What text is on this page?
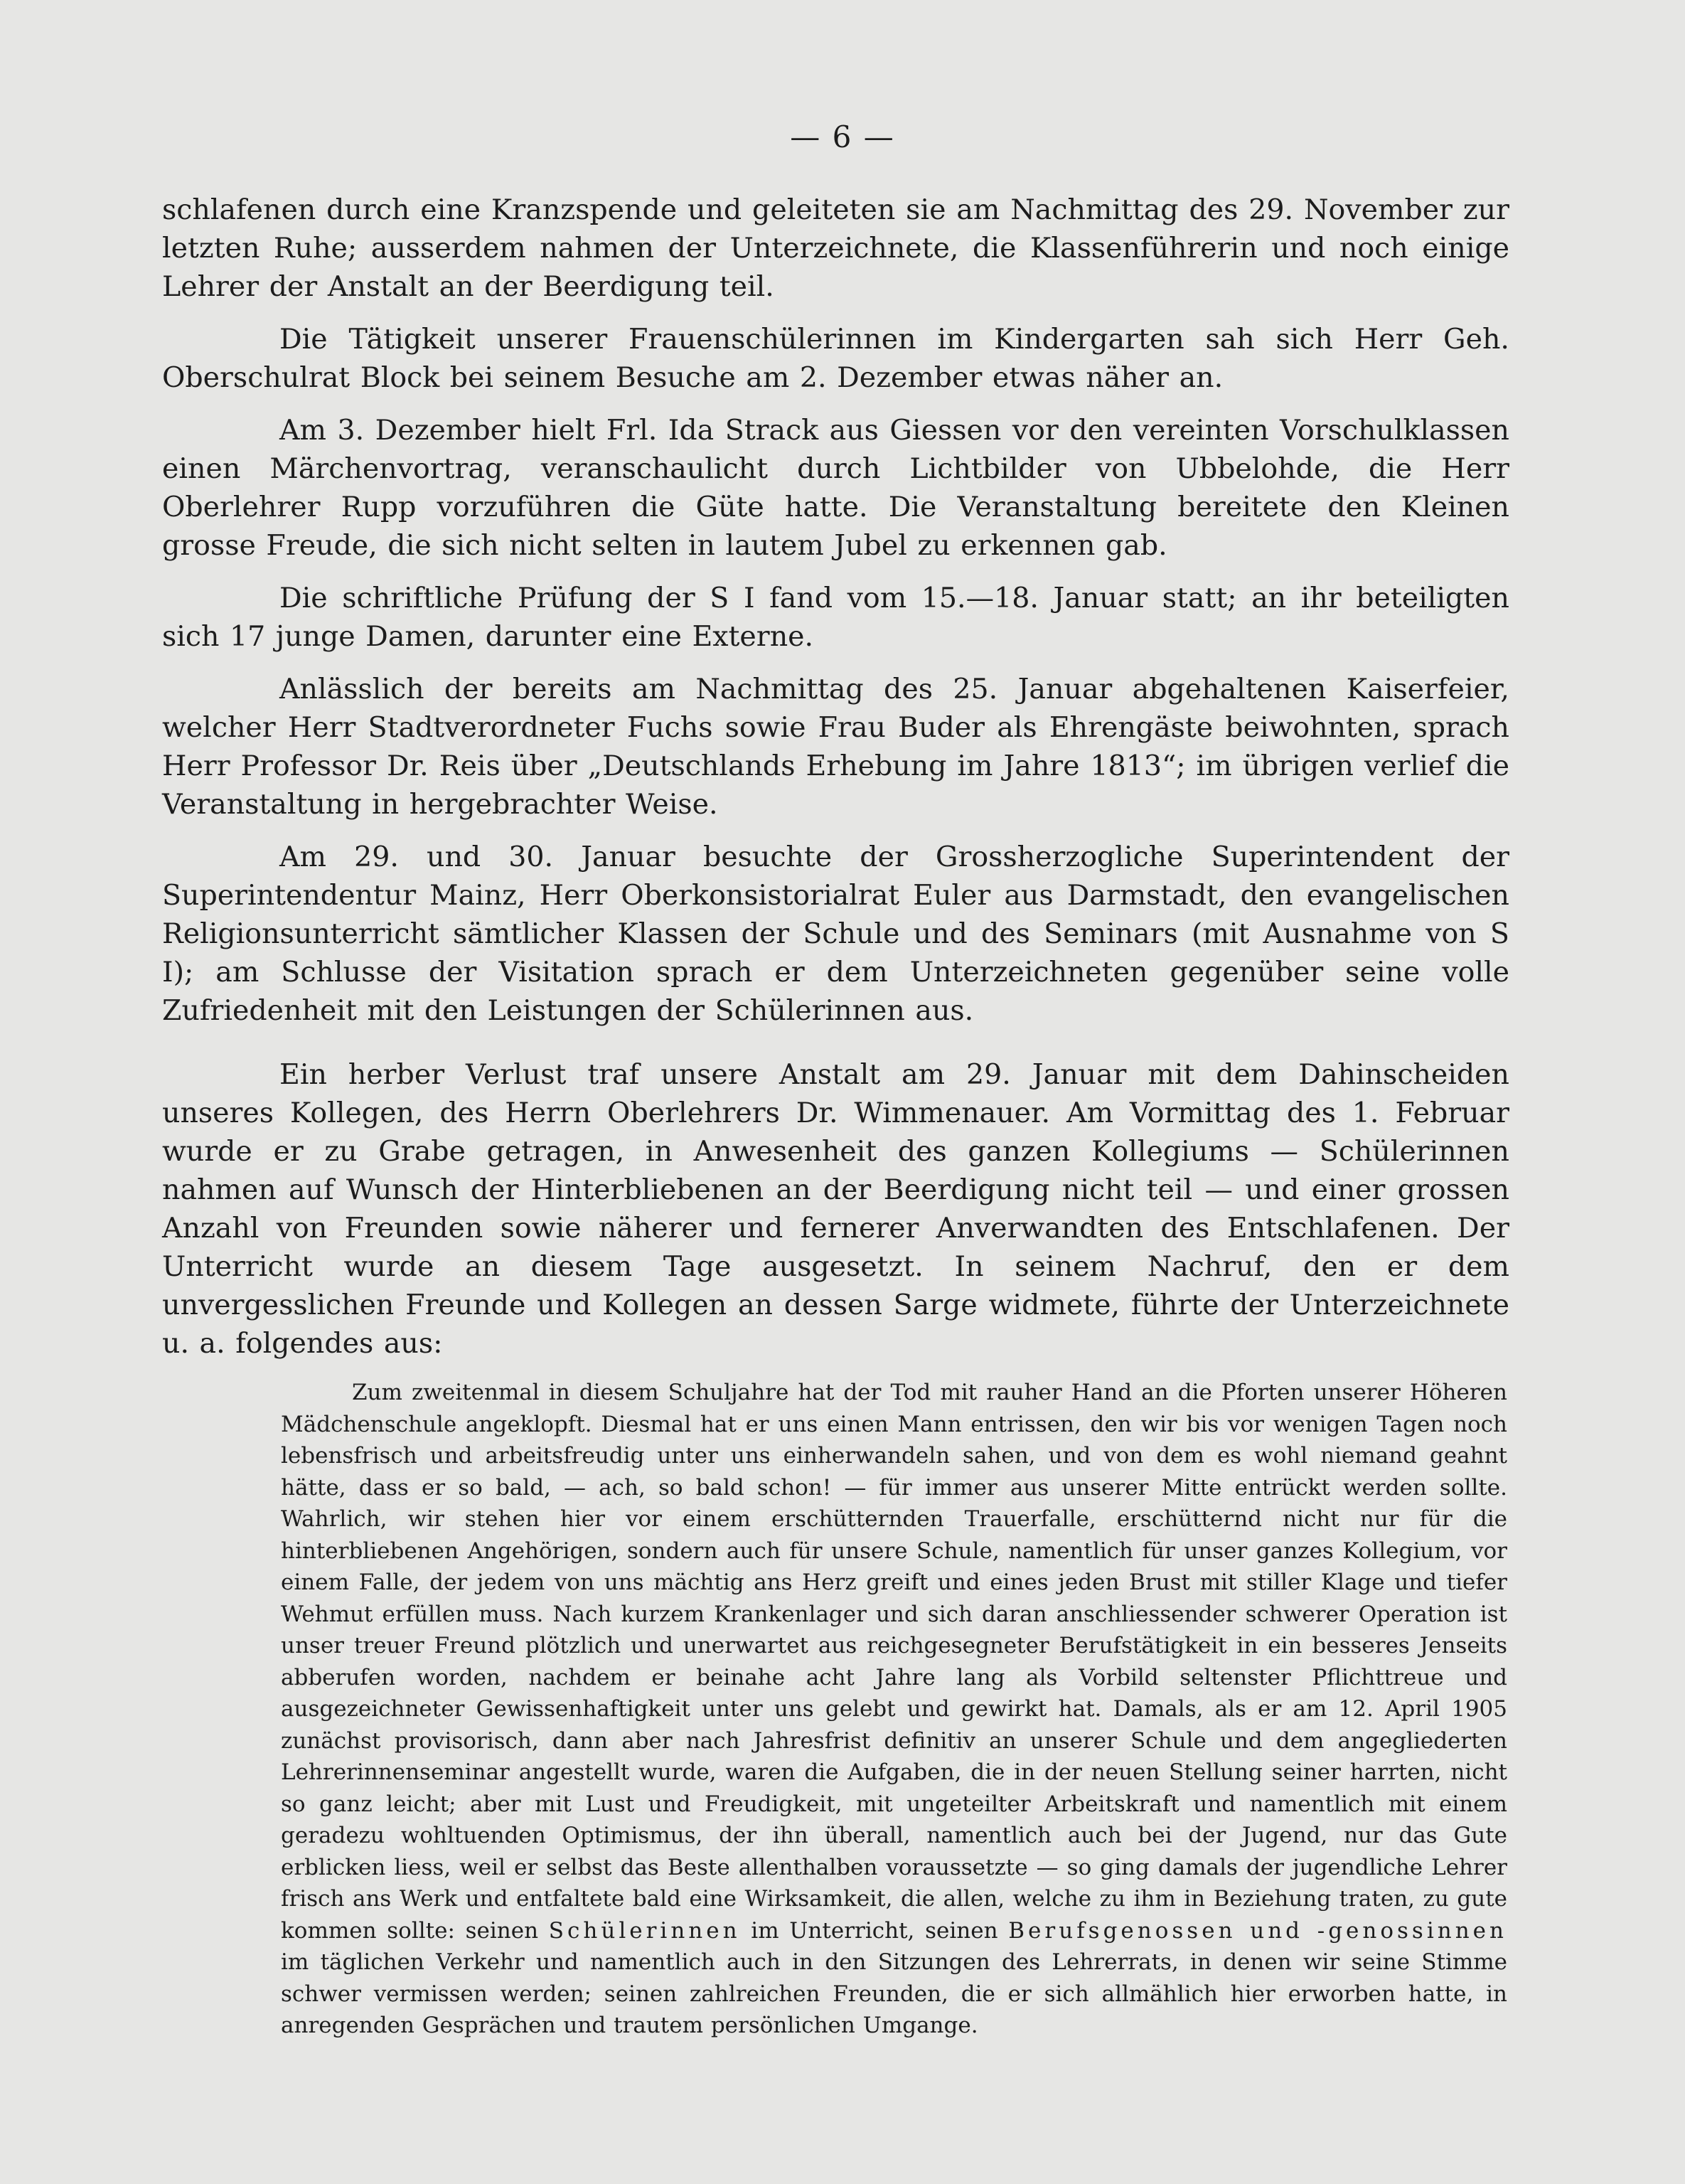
— 6 —

schlafenen durch eine Kranzspende und geleiteten sie am Nachmittag des 29. November zur letzten Ruhe; ausserdem nahmen der Unterzeichnete, die Klassenführerin und noch einige Lehrer der Anstalt an der Beerdigung teil.

Die Tätigkeit unserer Frauenschülerinnen im Kindergarten sah sich Herr Geh. Oberschulrat Block bei seinem Besuche am 2. Dezember etwas näher an.

Am 3. Dezember hielt Frl. Ida Strack aus Giessen vor den vereinten Vorschulklassen einen Märchenvortrag, veranschaulicht durch Lichtbilder von Ubbelohde, die Herr Oberlehrer Rupp vorzuführen die Güte hatte. Die Veranstaltung bereitete den Kleinen grosse Freude, die sich nicht selten in lautem Jubel zu erkennen gab.

Die schriftliche Prüfung der S I fand vom 15.—18. Januar statt; an ihr beteiligten sich 17 junge Damen, darunter eine Externe.

Anlässlich der bereits am Nachmittag des 25. Januar abgehaltenen Kaiserfeier, welcher Herr Stadtverordneter Fuchs sowie Frau Buder als Ehrengäste beiwohnten, sprach Herr Professor Dr. Reis über „Deutschlands Erhebung im Jahre 1813“; im übrigen verlief die Veranstaltung in hergebrachter Weise.

Am 29. und 30. Januar besuchte der Grossherzogliche Superintendent der Superintendentur Mainz, Herr Oberkonsistorialrat Euler aus Darmstadt, den evangelischen Religionsunterricht sämtlicher Klassen der Schule und des Seminars (mit Ausnahme von S I); am Schlusse der Visitation sprach er dem Unterzeichneten gegenüber seine volle Zufriedenheit mit den Leistungen der Schülerinnen aus.

Ein herber Verlust traf unsere Anstalt am 29. Januar mit dem Dahinscheiden unseres Kollegen, des Herrn Oberlehrers Dr. Wimmenauer. Am Vormittag des 1. Februar wurde er zu Grabe getragen, in Anwesenheit des ganzen Kollegiums — Schülerinnen nahmen auf Wunsch der Hinterbliebenen an der Beerdigung nicht teil — und einer grossen Anzahl von Freunden sowie näherer und fernerer Anverwandten des Entschlafenen. Der Unterricht wurde an diesem Tage ausgesetzt. In seinem Nachruf, den er dem unvergesslichen Freunde und Kollegen an dessen Sarge widmete, führte der Unterzeichnete u. a. folgendes aus:

Zum zweitenmal in diesem Schuljahre hat der Tod mit rauher Hand an die Pforten unserer Höheren Mädchenschule angeklopft. Diesmal hat er uns einen Mann entrissen, den wir bis vor wenigen Tagen noch lebensfrisch und arbeitsfreudig unter uns einherwandeln sahen, und von dem es wohl niemand geahnt hätte, dass er so bald, — ach, so bald schon! — für immer aus unserer Mitte entrückt werden sollte. Wahrlich, wir stehen hier vor einem erschütternden Trauerfalle, erschütternd nicht nur für die hinterbliebenen Angehörigen, sondern auch für unsere Schule, namentlich für unser ganzes Kollegium, vor einem Falle, der jedem von uns mächtig ans Herz greift und eines jeden Brust mit stiller Klage und tiefer Wehmut erfüllen muss. Nach kurzem Krankenlager und sich daran anschliessender schwerer Operation ist unser treuer Freund plötzlich und unerwartet aus reichgesegneter Berufstätigkeit in ein besseres Jenseits abberufen worden, nachdem er beinahe acht Jahre lang als Vorbild seltenster Pflichttreue und ausgezeichneter Gewissenhaftigkeit unter uns gelebt und gewirkt hat. Damals, als er am 12. April 1905 zunächst provisorisch, dann aber nach Jahresfrist definitiv an unserer Schule und dem angegliederten Lehrerinnenseminar angestellt wurde, waren die Aufgaben, die in der neuen Stellung seiner harrten, nicht so ganz leicht; aber mit Lust und Freudigkeit, mit ungeteilter Arbeitskraft und namentlich mit einem geradezu wohltuenden Optimismus, der ihn überall, namentlich auch bei der Jugend, nur das Gute erblicken liess, weil er selbst das Beste allenthalben voraussetzte — so ging damals der jugendliche Lehrer frisch ans Werk und entfaltete bald eine Wirksamkeit, die allen, welche zu ihm in Beziehung traten, zu gute kommen sollte: seinen Schülerinnen im Unterricht, seinen Berufsgenossen und -genossinnen im täglichen Verkehr und namentlich auch in den Sitzungen des Lehrerrats, in denen wir seine Stimme schwer vermissen werden; seinen zahlreichen Freunden, die er sich allmählich hier erworben hatte, in anregenden Gesprächen und trautem persönlichen Umgange.
